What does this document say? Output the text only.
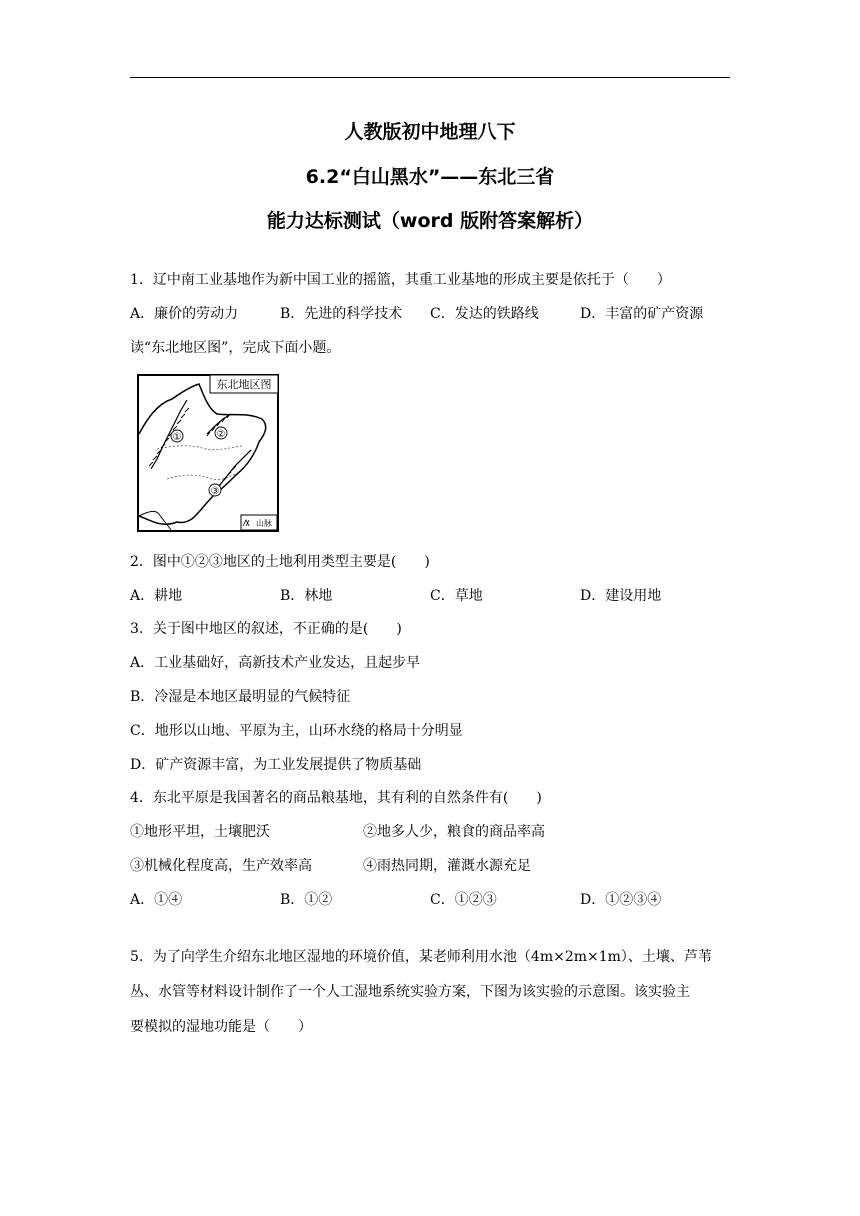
人教版初中地理八下
6.2“白山黑水”——东北三省
能力达标测试（word 版附答案解析）
1．辽中南工业基地作为新中国工业的摇篮，其重工业基地的形成主要是依托于（　　）
A．廉价的劳动力	B．先进的科学技术 C．发达的铁路线	D．丰富的矿产资源
读“东北地区图”，完成下面小题。
东北地区图
①	②
③
山脉
2．图中①②③地区的土地利用类型主要是(　　)
A．耕地	B．林地	C．草地	D．建设用地
3．关于图中地区的叙述，不正确的是(　　)
A．工业基础好，高新技术产业发达，且起步早
B．冷湿是本地区最明显的气候特征
C．地形以山地、平原为主，山环水绕的格局十分明显
D．矿产资源丰富，为工业发展提供了物质基础
4．东北平原是我国著名的商品粮基地，其有利的自然条件有(　　)
①地形平坦，土壤肥沃	②地多人少，粮食的商品率高
③机械化程度高，生产效率高	④雨热同期，灌溉水源充足
A．①④	B．①②	C．①②③	D．①②③④
5．为了向学生介绍东北地区湿地的环境价值，某老师利用水池（4m×2m×1m）、土壤、芦苇
丛、水管等材料设计制作了一个人工湿地系统实验方案，下图为该实验的示意图。该实验主
要模拟的湿地功能是（　　）
